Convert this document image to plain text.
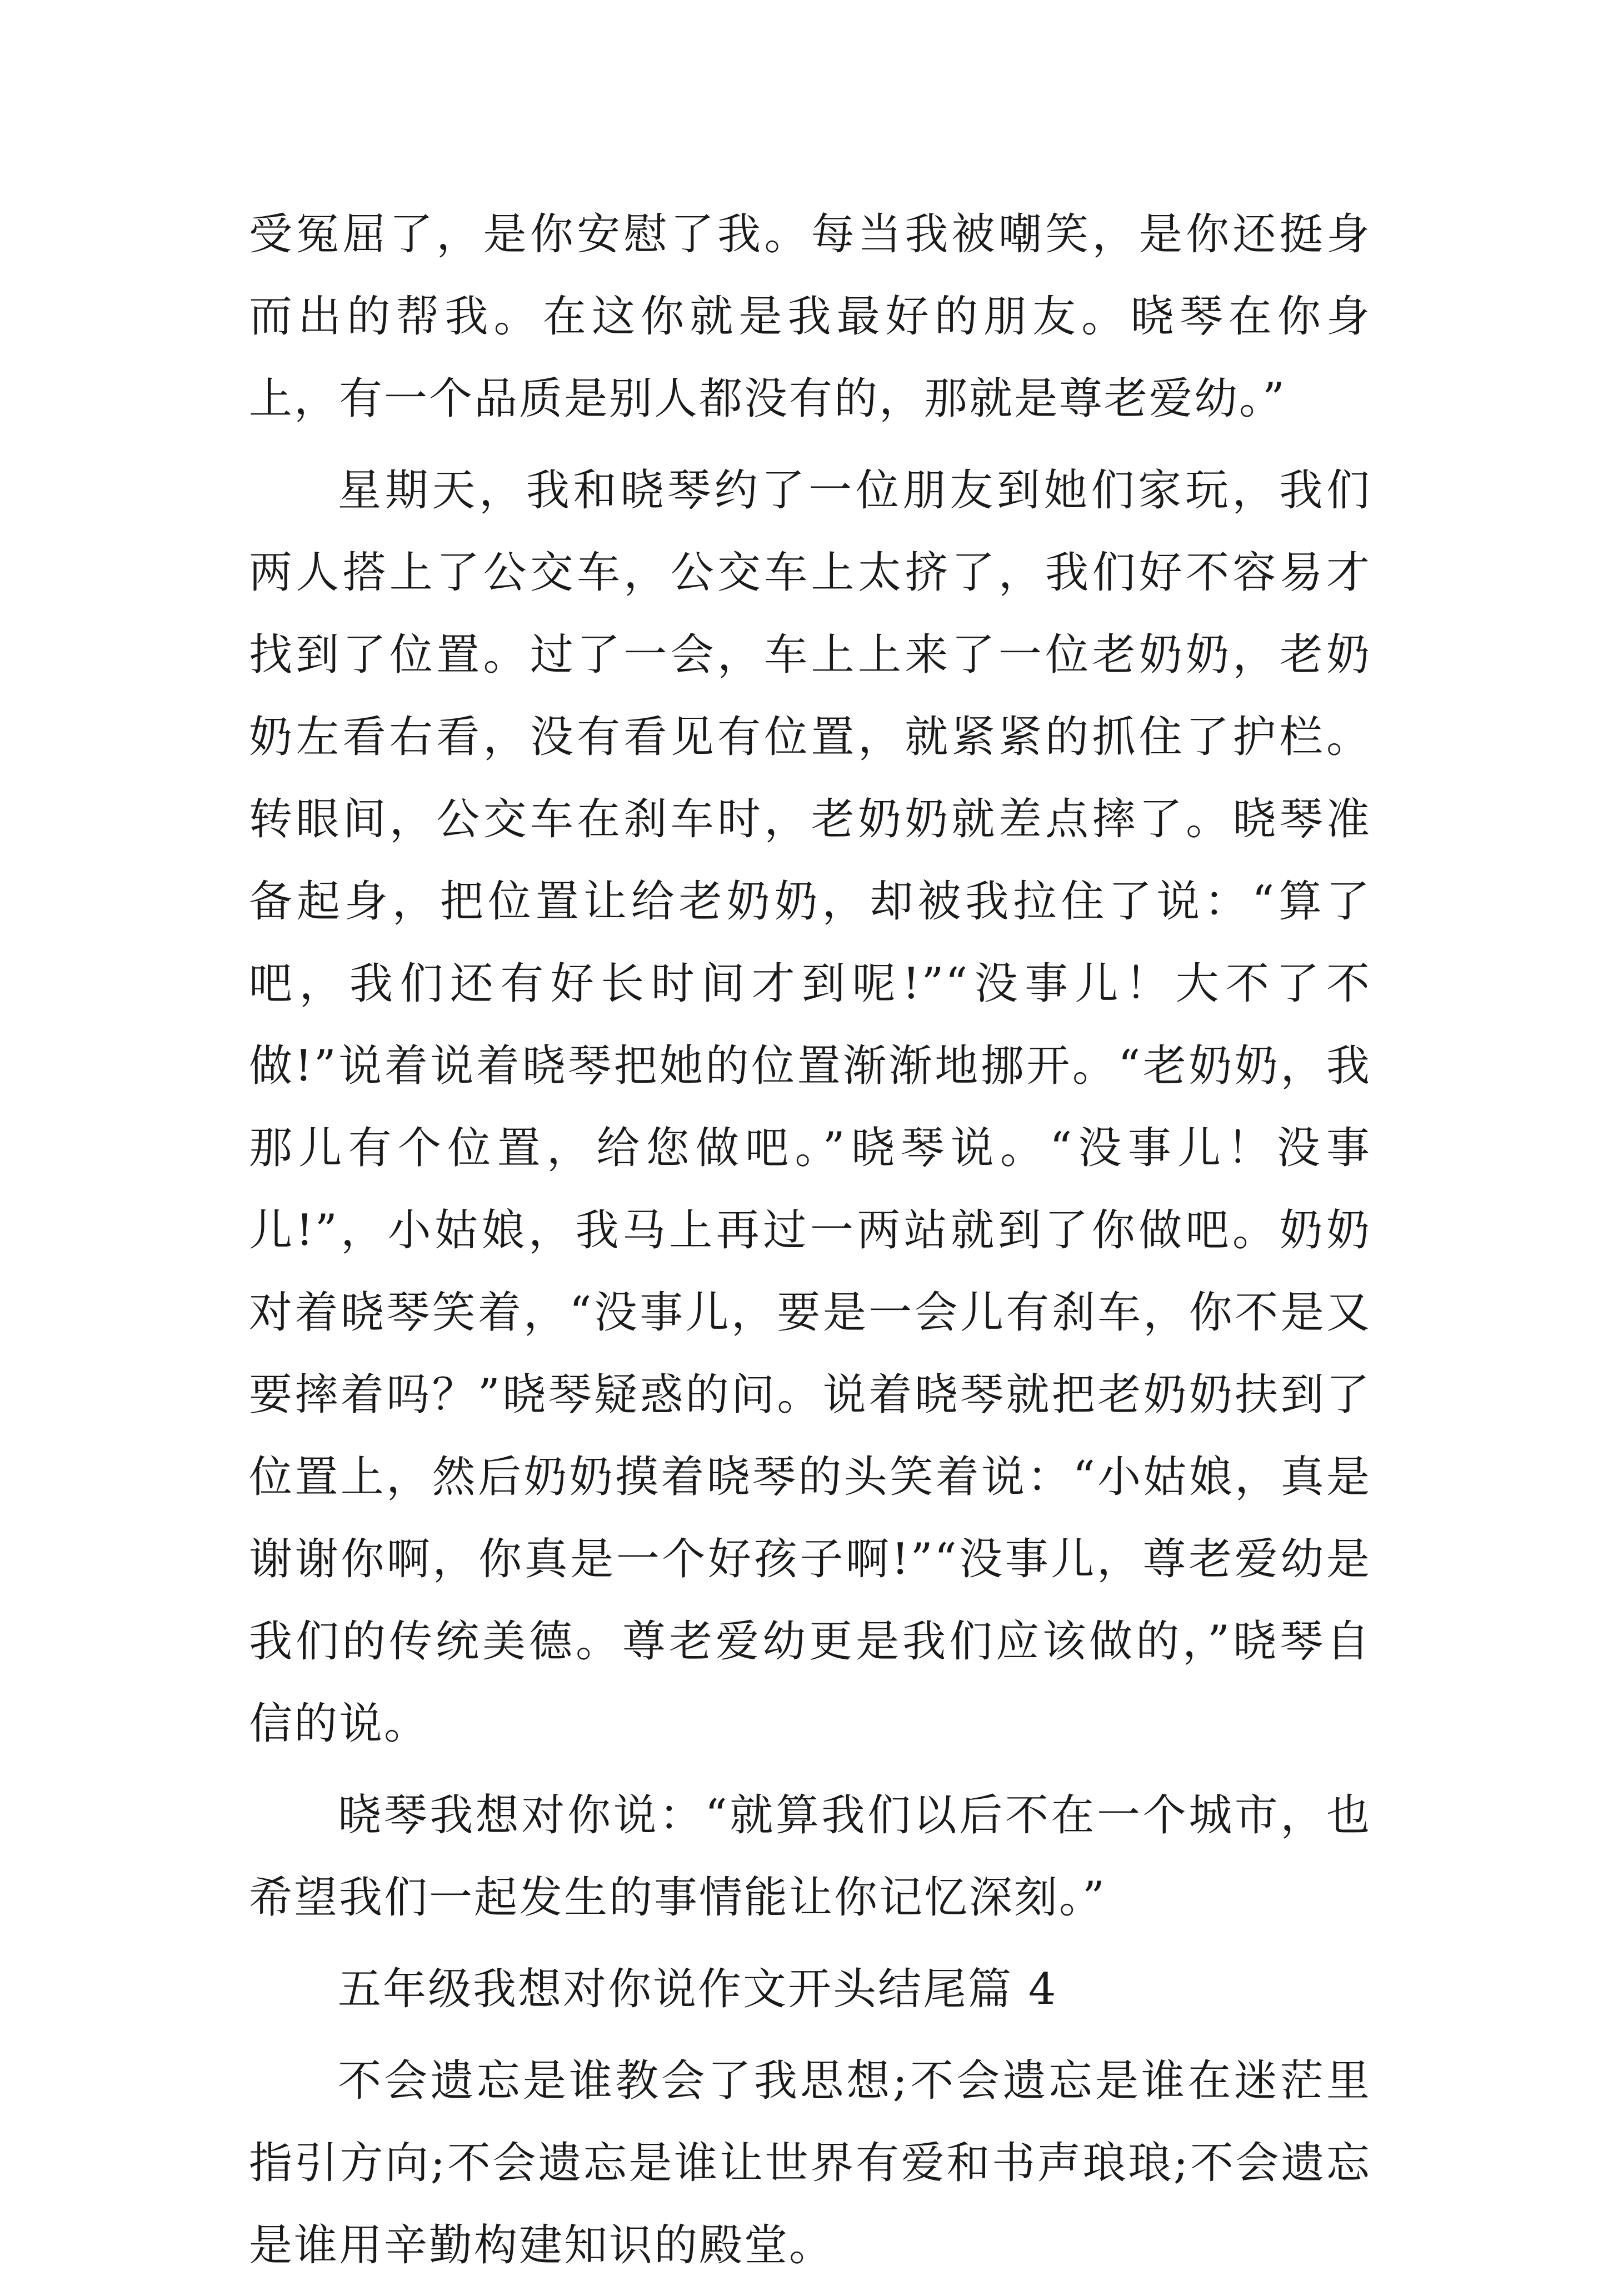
受冤屈了，是你安慰了我。每当我被嘲笑，是你还挺身而出的帮我。在这你就是我最好的朋友。晓琴在你身上，有一个品质是别人都没有的，那就是尊老爱幼。”

星期天，我和晓琴约了一位朋友到她们家玩，我们两人搭上了公交车，公交车上太挤了，我们好不容易才找到了位置。过了一会，车上上来了一位老奶奶，老奶奶左看右看，没有看见有位置，就紧紧的抓住了护栏。转眼间，公交车在刹车时，老奶奶就差点摔了。晓琴准备起身，把位置让给老奶奶，却被我拉住了说：“算了吧，我们还有好长时间才到呢!”“没事儿！大不了不做!”说着说着晓琴把她的位置渐渐地挪开。“老奶奶，我那儿有个位置，给您做吧。”晓琴说。“没事儿！没事儿!”，小姑娘，我马上再过一两站就到了你做吧。奶奶对着晓琴笑着，“没事儿，要是一会儿有刹车，你不是又要摔着吗？”晓琴疑惑的问。说着晓琴就把老奶奶扶到了位置上，然后奶奶摸着晓琴的头笑着说：“小姑娘，真是谢谢你啊，你真是一个好孩子啊!”“没事儿，尊老爱幼是我们的传统美德。尊老爱幼更是我们应该做的，”晓琴自信的说。

晓琴我想对你说：“就算我们以后不在一个城市，也希望我们一起发生的事情能让你记忆深刻。”

五年级我想对你说作文开头结尾篇 4

不会遗忘是谁教会了我思想;不会遗忘是谁在迷茫里指引方向;不会遗忘是谁让世界有爱和书声琅琅;不会遗忘是谁用辛勤构建知识的殿堂。
